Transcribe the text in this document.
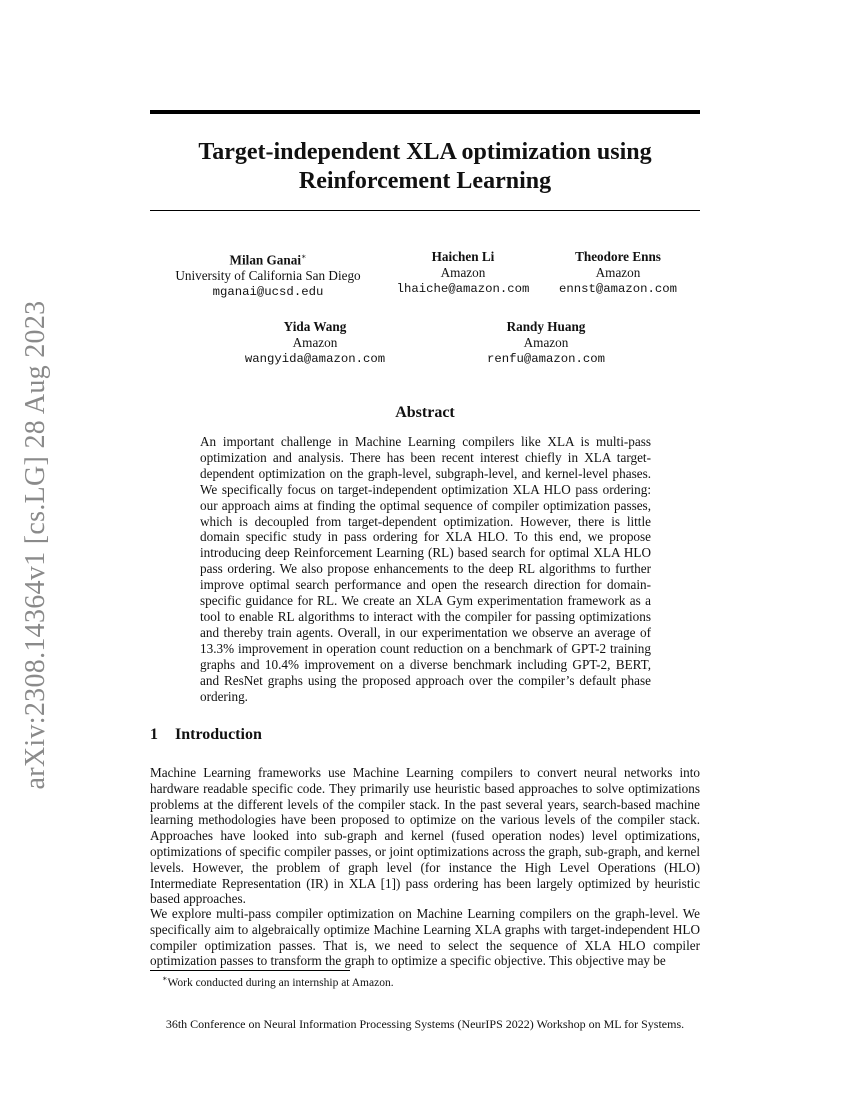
arXiv:2308.14364v1 [cs.LG] 28 Aug 2023
Target-independent XLA optimization using
Reinforcement Learning
Milan Ganai∗
University of California San Diego
mganai@ucsd.edu
Haichen Li
Amazon
lhaiche@amazon.com
Theodore Enns
Amazon
ennst@amazon.com
Yida Wang
Amazon
wangyida@amazon.com
Randy Huang
Amazon
renfu@amazon.com
Abstract
An important challenge in Machine Learning compilers like XLA is multi-pass optimization and analysis. There has been recent interest chiefly in XLA target-dependent optimization on the graph-level, subgraph-level, and kernel-level phases. We specifically focus on target-independent optimization XLA HLO pass ordering: our approach aims at finding the optimal sequence of compiler optimization passes, which is decoupled from target-dependent optimization. However, there is little domain specific study in pass ordering for XLA HLO. To this end, we propose introducing deep Reinforcement Learning (RL) based search for optimal XLA HLO pass ordering. We also propose enhancements to the deep RL algorithms to further improve optimal search performance and open the research direction for domain-specific guidance for RL. We create an XLA Gym experimentation framework as a tool to enable RL algorithms to interact with the compiler for passing optimizations and thereby train agents. Overall, in our experimentation we observe an average of 13.3% improvement in operation count reduction on a benchmark of GPT-2 training graphs and 10.4% improvement on a diverse benchmark including GPT-2, BERT, and ResNet graphs using the proposed approach over the compiler’s default phase ordering.
1 Introduction
Machine Learning frameworks use Machine Learning compilers to convert neural networks into hardware readable specific code. They primarily use heuristic based approaches to solve optimizations problems at the different levels of the compiler stack. In the past several years, search-based machine learning methodologies have been proposed to optimize on the various levels of the compiler stack. Approaches have looked into sub-graph and kernel (fused operation nodes) level optimizations, optimizations of specific compiler passes, or joint optimizations across the graph, sub-graph, and kernel levels. However, the problem of graph level (for instance the High Level Operations (HLO) Intermediate Representation (IR) in XLA [1]) pass ordering has been largely optimized by heuristic based approaches.
We explore multi-pass compiler optimization on Machine Learning compilers on the graph-level. We specifically aim to algebraically optimize Machine Learning XLA graphs with target-independent HLO compiler optimization passes. That is, we need to select the sequence of XLA HLO compiler optimization passes to transform the graph to optimize a specific objective. This objective may be
∗Work conducted during an internship at Amazon.
36th Conference on Neural Information Processing Systems (NeurIPS 2022) Workshop on ML for Systems.
